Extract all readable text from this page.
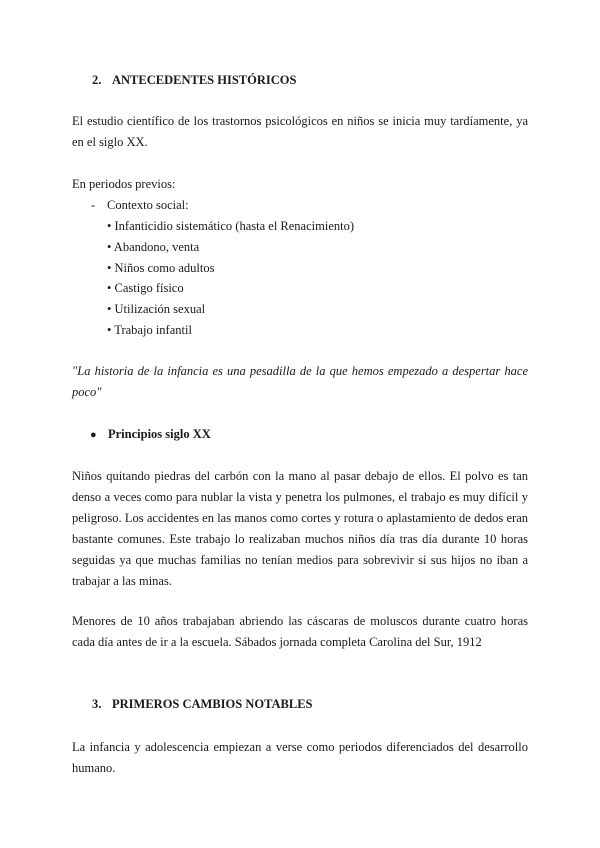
2. ANTECEDENTES HISTÓRICOS
El estudio científico de los trastornos psicológicos en niños se inicia muy tardíamente, ya en el siglo XX.
En periodos previos:
- Contexto social:
• Infanticidio sistemático (hasta el Renacimiento)
• Abandono, venta
• Niños como adultos
• Castigo físico
• Utilización sexual
• Trabajo infantil
"La historia de la infancia es una pesadilla de la que hemos empezado a despertar hace poco"
● Principios siglo XX
Niños quitando piedras del carbón con la mano al pasar debajo de ellos. El polvo es tan denso a veces como para nublar la vista y penetra los pulmones, el trabajo es muy difícil y peligroso. Los accidentes en las manos como cortes y rotura o aplastamiento de dedos eran bastante comunes. Este trabajo lo realizaban muchos niños día tras día durante 10 horas seguidas ya que muchas familias no tenían medios para sobrevivir si sus hijos no iban a trabajar a las minas.
Menores de 10 años trabajaban abriendo las cáscaras de moluscos durante cuatro horas cada día antes de ir a la escuela. Sábados jornada completa Carolina del Sur, 1912
3. PRIMEROS CAMBIOS NOTABLES
La infancia y adolescencia empiezan a verse como periodos diferenciados del desarrollo humano.
